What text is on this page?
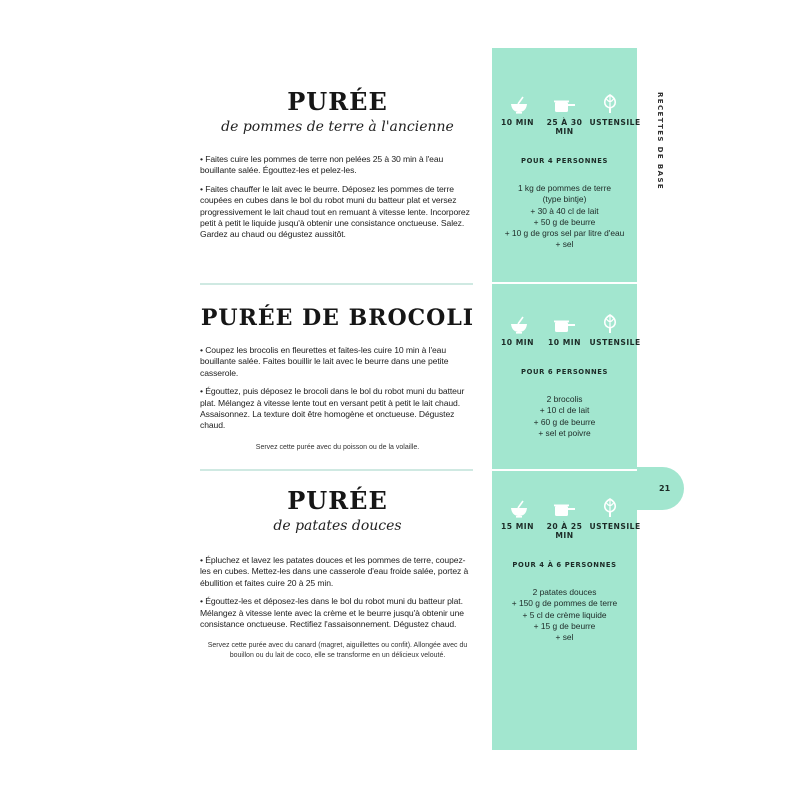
PURÉE
de pommes de terre à l'ancienne

• Faites cuire les pommes de terre non pelées 25 à 30 min à l'eau bouillante salée. Égouttez-les et pelez-les.

• Faites chauffer le lait avec le beurre. Déposez les pommes de terre coupées en cubes dans le bol du robot muni du batteur plat et versez progressivement le lait chaud tout en remuant à vitesse lente. Incorporez petit à petit le liquide jusqu'à obtenir une consistance onctueuse. Salez. Gardez au chaud ou dégustez aussitôt.

PURÉE DE BROCOLI

• Coupez les brocolis en fleurettes et faites-les cuire 10 min à l'eau bouillante salée. Faites bouillir le lait avec le beurre dans une petite casserole.

• Égouttez, puis déposez le brocoli dans le bol du robot muni du batteur plat. Mélangez à vitesse lente tout en versant petit à petit le lait chaud. Assaisonnez. La texture doit être homogène et onctueuse. Dégustez chaud.

Servez cette purée avec du poisson ou de la volaille.

PURÉE
de patates douces

• Épluchez et lavez les patates douces et les pommes de terre, coupez-les en cubes. Mettez-les dans une casserole d'eau froide salée, portez à ébullition et faites cuire 20 à 25 min.

• Égouttez-les et déposez-les dans le bol du robot muni du batteur plat. Mélangez à vitesse lente avec la crème et le beurre jusqu'à obtenir une consistance onctueuse. Rectifiez l'assaisonnement. Dégustez chaud.

Servez cette purée avec du canard (magret, aiguillettes ou confit). Allongée avec du bouillon ou du lait de coco, elle se transforme en un délicieux velouté.

10 MIN	25 À 30 MIN
USTENSILE
POUR 4 PERSONNES
1 kg de pommes de terre
(type bintje)
+ 30 à 40 cl de lait
+ 50 g de beurre
+ 10 g de gros sel par litre d'eau
+ sel
10 MIN	10 MIN	USTENSILE
POUR 6 PERSONNES
2 brocolis
+ 10 cl de lait
+ 60 g de beurre
+ sel et poivre
15 MIN	20 À 25 MIN
USTENSILE
POUR 4 À 6 PERSONNES
2 patates douces
+ 150 g de pommes de terre
+ 5 cl de crème liquide
+ 15 g de beurre
+ sel
RECETTES DE BASE
21
